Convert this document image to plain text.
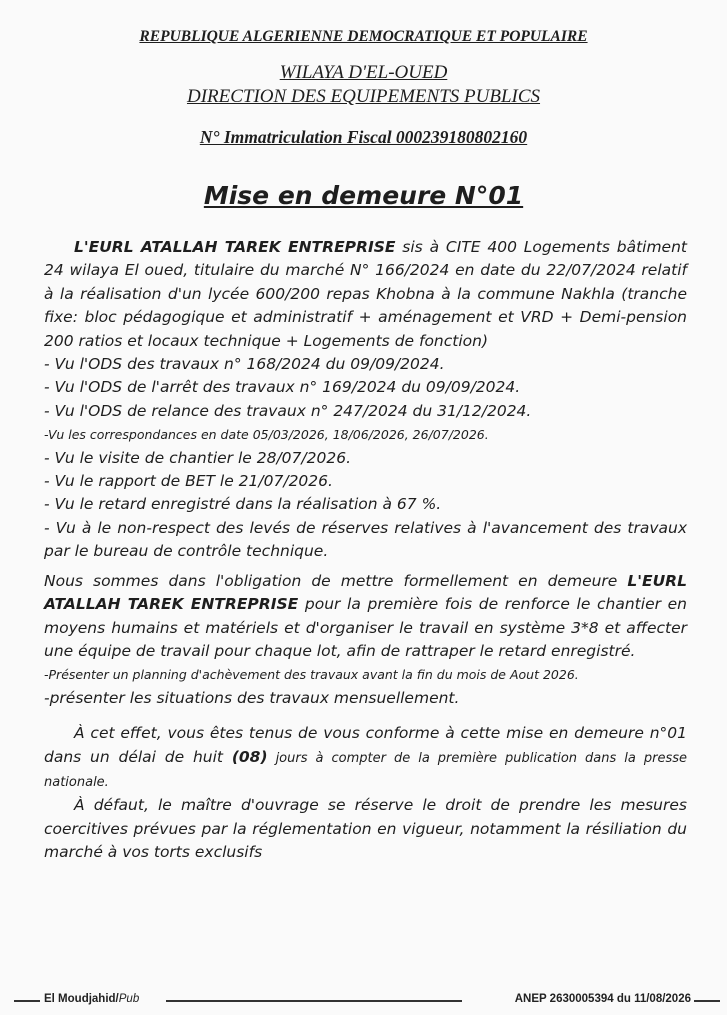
REPUBLIQUE ALGERIENNE DEMOCRATIQUE ET POPULAIRE
WILAYA D'EL-OUED
DIRECTION DES EQUIPEMENTS PUBLICS
N° Immatriculation Fiscal 000239180802160
Mise en demeure N°01

L'EURL ATALLAH TAREK ENTREPRISE sis à CITE 400 Logements bâtiment 24 wilaya El oued, titulaire du marché N° 166/2024 en date du 22/07/2024 relatif à la réalisation d'un lycée 600/200 repas Khobna à la commune Nakhla (tranche fixe: bloc pédagogique et administratif + aménagement et VRD + Demi-pension 200 ratios et locaux technique + Logements de fonction)

- Vu l'ODS des travaux n° 168/2024 du 09/09/2024.

- Vu l'ODS de l'arrêt des travaux n° 169/2024 du 09/09/2024.

- Vu l'ODS de relance des travaux n° 247/2024 du 31/12/2024.

-Vu les correspondances en date 05/03/2026, 18/06/2026, 26/07/2026.

- Vu le visite de chantier le 28/07/2026.

- Vu le rapport de BET le 21/07/2026.

- Vu le retard enregistré dans la réalisation à 67 %.

- Vu à le non-respect des levés de réserves relatives à l'avancement des travaux par le bureau de contrôle technique.

Nous sommes dans l'obligation de mettre formellement en demeure L'EURL ATALLAH TAREK ENTREPRISE pour la première fois de renforce le chantier en moyens humains et matériels et d'organiser le travail en système 3*8 et affecter une équipe de travail pour chaque lot, afin de rattraper le retard enregistré.

-Présenter un planning d'achèvement des travaux avant la fin du mois de Aout 2026.

-présenter les situations des travaux mensuellement.

À cet effet, vous êtes tenus de vous conforme à cette mise en demeure n°01 dans un délai de huit (08) jours à compter de la première publication dans la presse nationale.

À défaut, le maître d'ouvrage se réserve le droit de prendre les mesures coercitives prévues par la réglementation en vigueur, notamment la résiliation du marché à vos torts exclusifs

El Moudjahid/Pub	ANEP 2630005394 du 11/08/2026
